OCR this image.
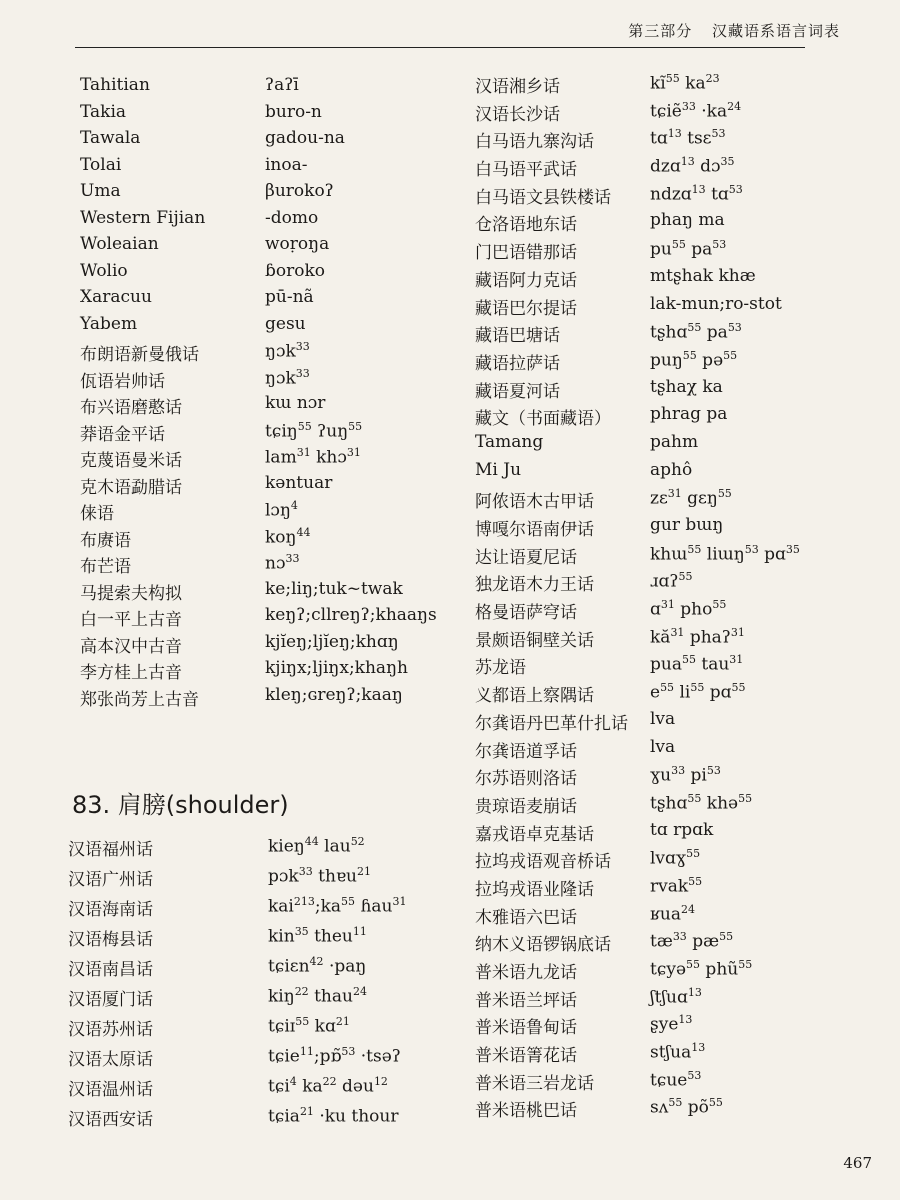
第三部分 汉藏语系语言词表
Tahitian	ʔaʔī
Takia	buro-n
Tawala	gadou-na
Tolai	inoa-
Uma	βurokoʔ
Western Fijian	-domo
Woleaian	woṛoŋa
Wolio	ɓoroko
Xaracuu	pū-nã
Yabem	gesu
布朗语新曼俄话	ŋɔk$^{33}$
佤语岩帅话	ŋɔk$^{33}$
布兴语磨憨话	kɯ nɔr
莽语金平话	tɕiŋ$^{55}$ ʔuŋ$^{55}$
克蔑语曼米话	lam$^{31}$ khɔ$^{31}$
克木语勐腊话	kəntuar
俫语	lɔŋ$^4$
布赓语	koŋ$^{44}$
布芒语	nɔ$^{33}$
马提索夫构拟	ke;liŋ;tuk~twak
白一平上古音	keŋʔ;cllreŋʔ;khaaŋs
高本汉中古音	kjĭeŋ;ljĭeŋ;khɑŋ
李方桂上古音	kjiŋx;ljiŋx;khaŋh
郑张尚芳上古音	kleŋ;ɢreŋʔ;kaaŋ
83. 肩膀(shoulder)
汉语福州话	kieŋ$^{44}$ lau$^{52}$
汉语广州话	pɔk$^{33}$ thɐu$^{21}$
汉语海南话	$kai^{213};ka^{55}$ ɦau$^{31}$
汉语梅县话	kin$^{35}$ theu$^{11}$
汉语南昌话	tɕiɛn$^{42}$ ·paŋ
汉语厦门话	kiŋ$^{22}$ thau$^{24}$
汉语苏州话	tɕiɪ$^{55}$ kɑ$^{21}$
汉语太原话	tɕie$^{11}$;pɒ̃$^{53}$ ·tsəʔ
汉语温州话	tɕi$^4$ $ka^{22}$ dəu$^{12}$
汉语西安话	tɕia$^{21}$ ·ku thour
汉语湘乡话	$kĩ^{55}$ $ka^{23}$
汉语长沙话	tɕiẽ$^{33}$ $\cdot ka^{24}$
白马语九寨沟话	tɑ$^{13}$ tsɛ$^{53}$
白马语平武话	dzɑ$^{13}$ dɔ$^{35}$
白马语文县铁楼话 ndzɑ$^{13}$ tɑ$^{53}$
仓洛语地东话	phaŋ ma
门巴语错那话	$pu^{55}$ $pa^{53}$
藏语阿力克话	mtʂhak khæ
藏语巴尔提话	lak-mun;ro-stot
藏语巴塘话	tʂhɑ$^{55}$ $pa^{53}$
藏语拉萨话	puŋ$^{55}$ pə$^{55}$
藏语夏河话	tʂhaχ ka
藏文（书面藏语） phrag pa
Tamang	pahm
Mi Ju	aphô
阿侬语木古甲话	zɛ$^{31}$ gɛŋ$^{55}$
博嘎尔语南伊话	gur bɯŋ
达让语夏尼话	khɯ$^{55}$ liɯŋ$^{53}$ pɑ$^{35}$
独龙语木力王话	ɹɑʔ$^{55}$
格曼语萨穹话	ɑ$^{31}$ pho$^{55}$
景颇语铜壁关话	$kă^{31}$ phaʔ$^{31}$
苏龙语	pua$^{55}$ tau$^{31}$
义都语上察隅话	$e^{55}$ $li^{55}$ pɑ$^{55}$
尔龚语丹巴革什扎话 lva
尔龚语道孚话	lva
尔苏语则洛话	ɣu$^{33}$ $pi^{53}$
贵琼语麦崩话	tʂhɑ$^{55}$ khə$^{55}$
嘉戎语卓克基话	tɑ rpɑk
拉坞戎语观音桥话 lvɑɣ$^{55}$
拉坞戎语业隆话	rvak$^{55}$
木雅语六巴话	ʁua$^{24}$
纳木义语锣锅底话 $tæ^{33}$ $pæ^{55}$
普米语九龙话	tɕyə$^{55}$ phũ$^{55}$
普米语兰坪话	ʃtʃuɑ$^{13}$
普米语鲁甸话	ʂye$^{13}$
普米语箐花话	stʃua$^{13}$
普米语三岩龙话	tɕue$^{53}$
普米语桃巴话	sʌ$^{55}$ $põ^{55}$
467
